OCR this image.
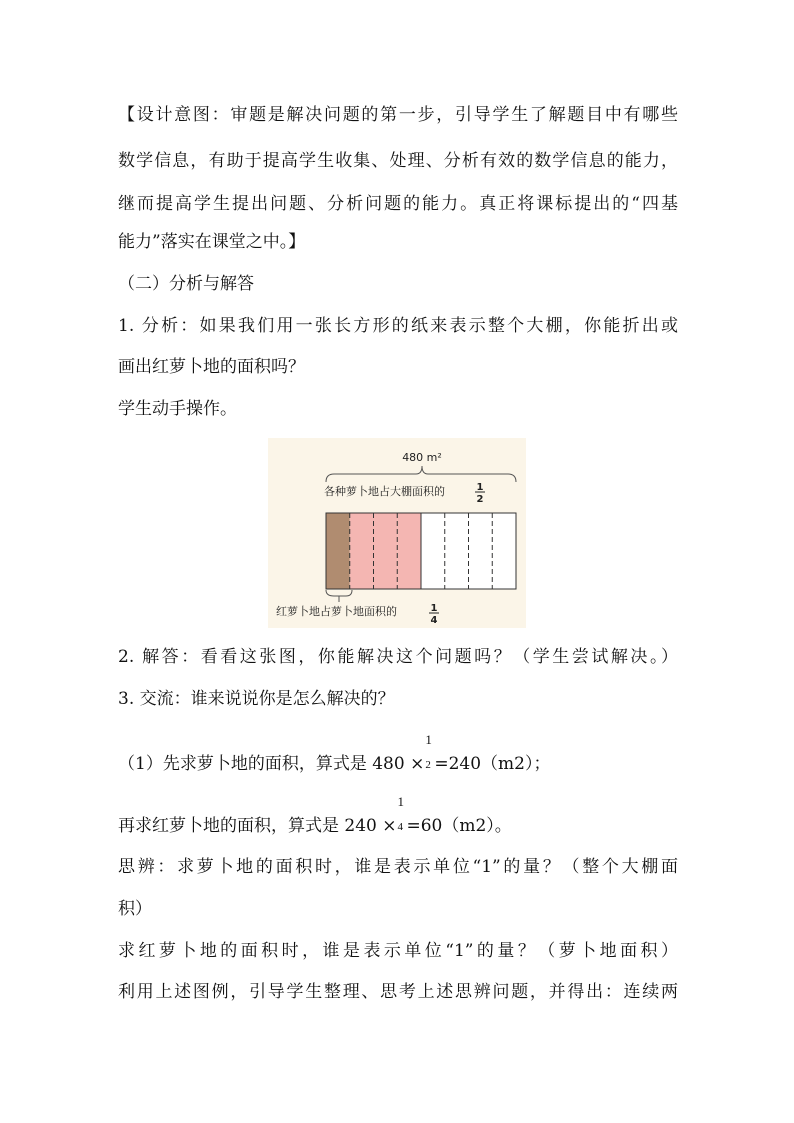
【设计意图：审题是解决问题的第一步，引导学生了解题目中有哪些
数学信息，有助于提高学生收集、处理、分析有效的数学信息的能力，
继而提高学生提出问题、分析问题的能力。真正将课标提出的“四基
能力”落实在课堂之中。】
（二）分析与解答
1. 分析：如果我们用一张长方形的纸来表示整个大棚，你能折出或
画出红萝卜地的面积吗？
学生动手操作。
480 m²
各种萝卜地占大棚面积的	1
2
红萝卜地占萝卜地面积的	1
4
2. 解答：看看这张图，你能解决这个问题吗？（学生尝试解决。）
3. 交流：谁来说说你是怎么解决的？
（1）先求萝卜地的面积，算式是 480 ×
1
2 =240（m2）；
再求红萝卜地的面积，算式是 240 ×
1
4 =60（m2）。
思辨：求萝卜地的面积时，谁是表示单位“1”的量？（整个大棚面
积）
求红萝卜地的面积时，谁是表示单位“1”的量？（萝卜地面积）
利用上述图例，引导学生整理、思考上述思辨问题，并得出：连续两
